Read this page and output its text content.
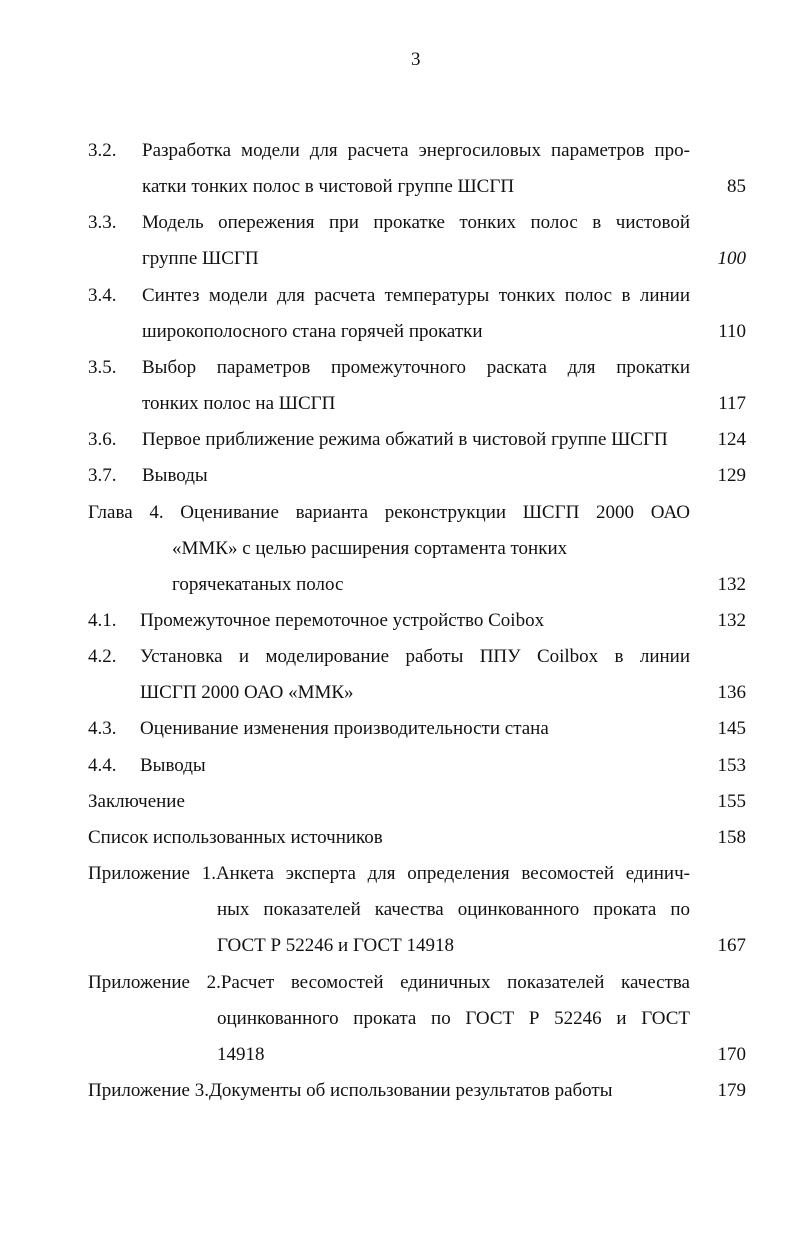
3
3.2. Разработка модели для расчета энергосиловых параметров про-
катки тонких полос в чистовой группе ШСГП	85
3.3. Модель опережения при прокатке тонких полос в чистовой
группе ШСГП	100
3.4. Синтез модели для расчета температуры тонких полос в линии
широкополосного стана горячей прокатки	110
3.5. Выбор параметров промежуточного раската для прокатки
тонких полос на ШСГП	117
3.6. Первое приближение режима обжатий в чистовой группе ШСГП	124
3.7. Выводы	129
Глава 4. Оценивание варианта реконструкции ШСГП 2000 ОАО
«ММК» с целью расширения сортамента тонких
горячекатаных полос	132
4.1. Промежуточное перемоточное устройство Coibox	132
4.2. Установка и моделирование работы ППУ Coilbox в линии
ШСГП 2000 ОАО «ММК»	136
4.3. Оценивание изменения производительности стана	145
4.4. Выводы	153
Заключение	155
Список использованных источников	158
Приложение 1.Анкета эксперта для определения весомостей единич-
ных показателей качества оцинкованного проката по
ГОСТ Р 52246 и ГОСТ 14918	167
Приложение 2.Расчет весомостей единичных показателей качества
оцинкованного проката по ГОСТ Р 52246 и ГОСТ
14918	170
Приложение 3.Документы об использовании результатов работы	179
